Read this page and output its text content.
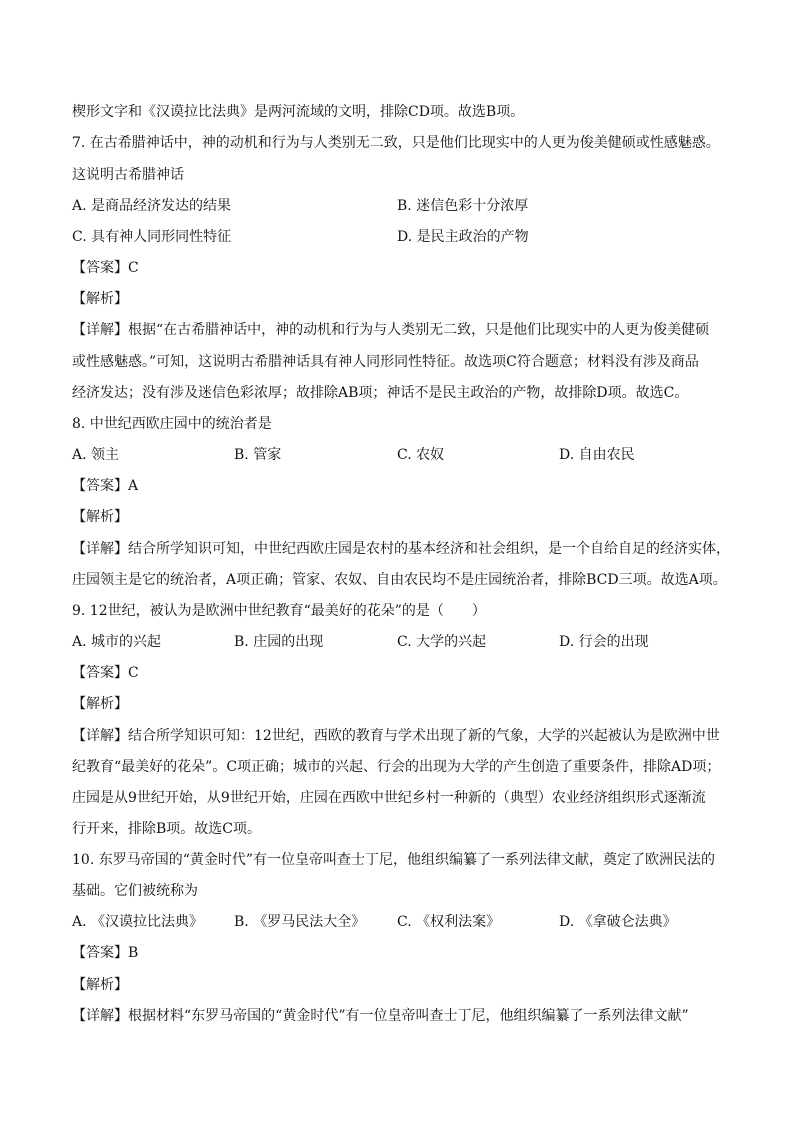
楔形文字和《汉谟拉比法典》是两河流域的文明，排除CD项。故选B项。
7. 在古希腊神话中，神的动机和行为与人类别无二致，只是他们比现实中的人更为俊美健硕或性感魅惑。
这说明古希腊神话
A. 是商品经济发达的结果	B. 迷信色彩十分浓厚
C. 具有神人同形同性特征	D. 是民主政治的产物
【答案】C
【解析】
【详解】根据“在古希腊神话中，神的动机和行为与人类别无二致，只是他们比现实中的人更为俊美健硕
或性感魅惑。”可知，这说明古希腊神话具有神人同形同性特征。故选项C符合题意；材料没有涉及商品
经济发达；没有涉及迷信色彩浓厚；故排除AB项；神话不是民主政治的产物，故排除D项。故选C。
8. 中世纪西欧庄园中的统治者是
A. 领主	B. 管家	C. 农奴	D. 自由农民
【答案】A
【解析】
【详解】结合所学知识可知，中世纪西欧庄园是农村的基本经济和社会组织，是一个自给自足的经济实体，
庄园领主是它的统治者，A项正确；管家、农奴、自由农民均不是庄园统治者，排除BCD三项。故选A项。
9. 12世纪，被认为是欧洲中世纪教育“最美好的花朵”的是（　　）
A. 城市的兴起	B. 庄园的出现	C. 大学的兴起	D. 行会的出现
【答案】C
【解析】
【详解】结合所学知识可知：12世纪，西欧的教育与学术出现了新的气象，大学的兴起被认为是欧洲中世
纪教育“最美好的花朵”。C项正确；城市的兴起、行会的出现为大学的产生创造了重要条件，排除AD项；
庄园是从9世纪开始，从9世纪开始，庄园在西欧中世纪乡村一种新的（典型）农业经济组织形式逐渐流
行开来，排除B项。故选C项。
10. 东罗马帝国的“黄金时代”有一位皇帝叫查士丁尼，他组织编纂了一系列法律文献，奠定了欧洲民法的
基础。它们被统称为
A. 《汉谟拉比法典》 B. 《罗马民法大全》 C. 《权利法案》	D. 《拿破仑法典》
【答案】B
【解析】
【详解】根据材料“东罗马帝国的“黄金时代”有一位皇帝叫查士丁尼，他组织编纂了一系列法律文献”
